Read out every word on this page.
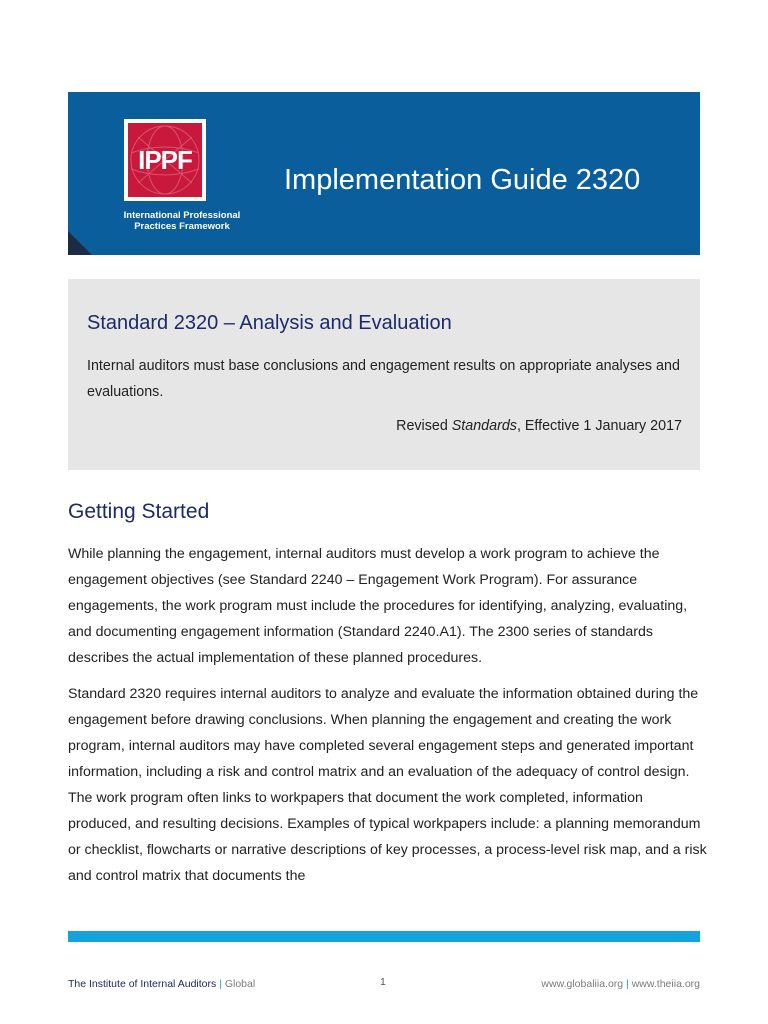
IPPF
International Professional
Practices Framework
Implementation Guide 2320
Standard 2320 – Analysis and Evaluation
Internal auditors must base conclusions and engagement results on appropriate analyses and evaluations.
Revised Standards, Effective 1 January 2017
Getting Started
While planning the engagement, internal auditors must develop a work program to achieve the engagement objectives (see Standard 2240 – Engagement Work Program). For assurance engagements, the work program must include the procedures for identifying, analyzing, evaluating, and documenting engagement information (Standard 2240.A1). The 2300 series of standards describes the actual implementation of these planned procedures.
Standard 2320 requires internal auditors to analyze and evaluate the information obtained during the engagement before drawing conclusions. When planning the engagement and creating the work program, internal auditors may have completed several engagement steps and generated important information, including a risk and control matrix and an evaluation of the adequacy of control design. The work program often links to workpapers that document the work completed, information produced, and resulting decisions. Examples of typical workpapers include: a planning memorandum or checklist, flowcharts or narrative descriptions of key processes, a process-level risk map, and a risk and control matrix that documents the
The Institute of Internal Auditors | Global	1	www.globaliia.org | www.theiia.org
